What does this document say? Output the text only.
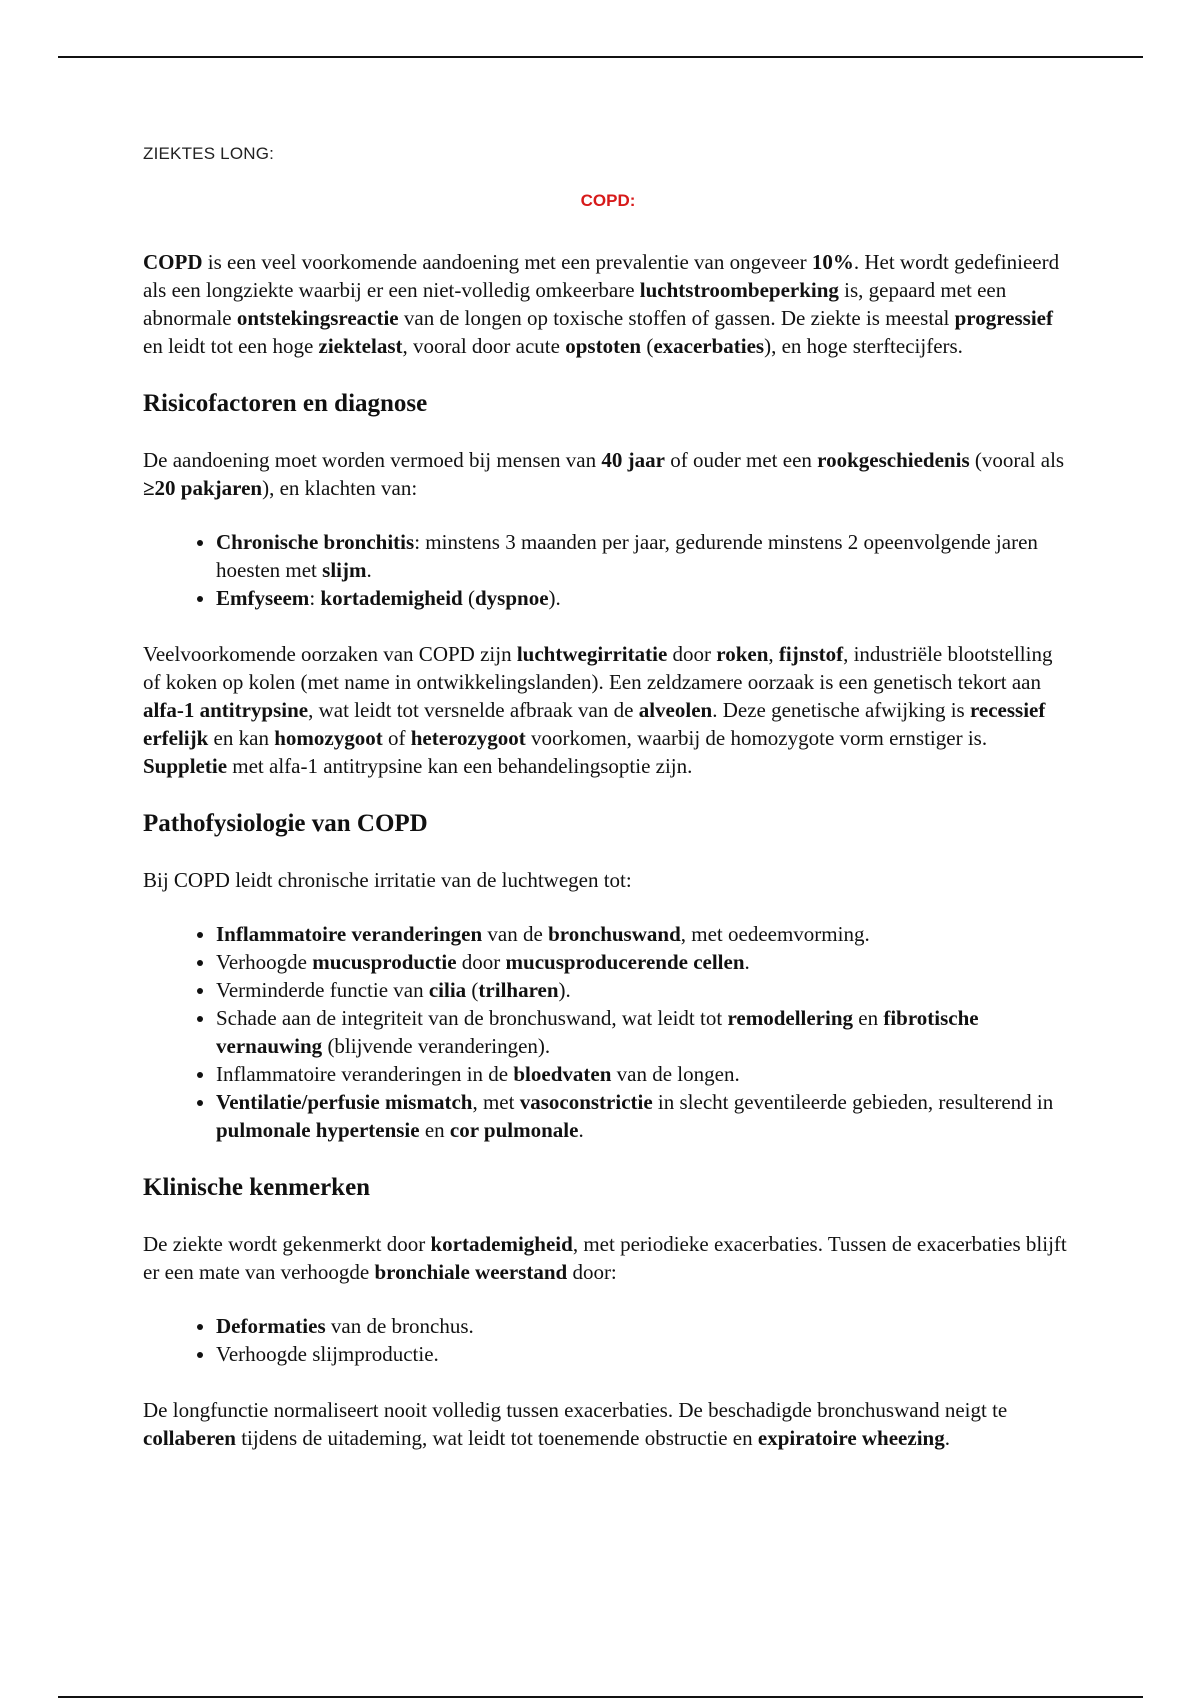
ZIEKTES LONG:
COPD:

COPD is een veel voorkomende aandoening met een prevalentie van ongeveer 10%. Het wordt gedefinieerd als een longziekte waarbij er een niet-volledig omkeerbare luchtstroombeperking is, gepaard met een abnormale ontstekingsreactie van de longen op toxische stoffen of gassen. De ziekte is meestal progressief en leidt tot een hoge ziektelast, vooral door acute opstoten (exacerbaties), en hoge sterftecijfers.

Risicofactoren en diagnose

De aandoening moet worden vermoed bij mensen van 40 jaar of ouder met een rookgeschiedenis (vooral als ≥20 pakjaren), en klachten van:

• Chronische bronchitis: minstens 3 maanden per jaar, gedurende minstens 2 opeenvolgende jaren hoesten met slijm.
• Emfyseem: kortademigheid (dyspnoe).

Veelvoorkomende oorzaken van COPD zijn luchtwegirritatie door roken, fijnstof, industriële blootstelling of koken op kolen (met name in ontwikkelingslanden). Een zeldzamere oorzaak is een genetisch tekort aan alfa-1 antitrypsine, wat leidt tot versnelde afbraak van de alveolen. Deze genetische afwijking is recessief erfelijk en kan homozygoot of heterozygoot voorkomen, waarbij de homozygote vorm ernstiger is. Suppletie met alfa-1 antitrypsine kan een behandelingsoptie zijn.

Pathofysiologie van COPD

Bij COPD leidt chronische irritatie van de luchtwegen tot:

• Inflammatoire veranderingen van de bronchuswand, met oedeemvorming.
• Verhoogde mucusproductie door mucusproducerende cellen.
• Verminderde functie van cilia (trilharen).
• Schade aan de integriteit van de bronchuswand, wat leidt tot remodellering en fibrotische vernauwing (blijvende veranderingen).
• Inflammatoire veranderingen in de bloedvaten van de longen.
• Ventilatie/perfusie mismatch, met vasoconstrictie in slecht geventileerde gebieden, resulterend in pulmonale hypertensie en cor pulmonale.
Klinische kenmerken

De ziekte wordt gekenmerkt door kortademigheid, met periodieke exacerbaties. Tussen de exacerbaties blijft er een mate van verhoogde bronchiale weerstand door:

• Deformaties van de bronchus.
• Verhoogde slijmproductie.

De longfunctie normaliseert nooit volledig tussen exacerbaties. De beschadigde bronchuswand neigt te collaberen tijdens de uitademing, wat leidt tot toenemende obstructie en expiratoire wheezing.
